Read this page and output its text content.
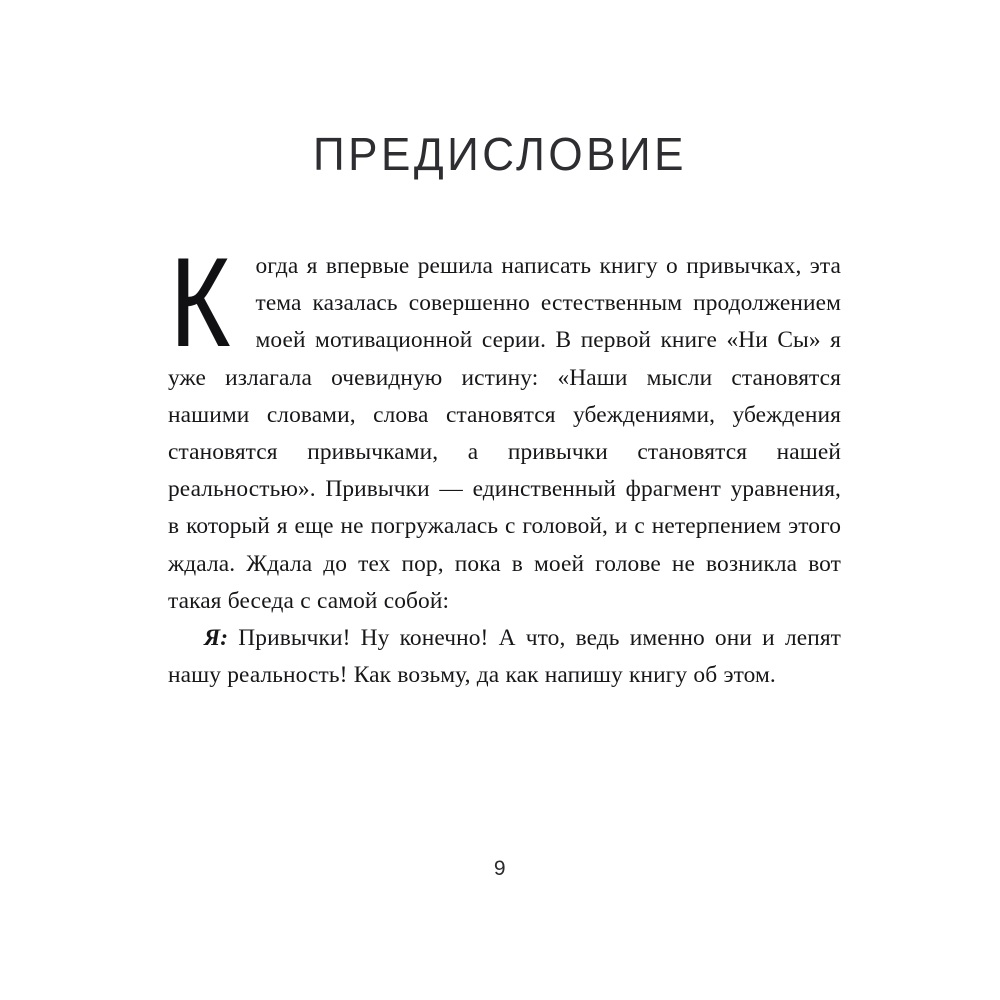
ПРЕДИСЛОВИЕ

К огда я впервые решила написать книгу о привычках, эта тема казалась совершенно естественным продолжением моей мотивационной серии. В первой книге «Ни Сы» я уже излагала очевидную истину: «Наши мысли становятся нашими словами, слова становятся убеждениями, убеждения становятся привычками, а привычки становятся нашей реальностью». Привычки — единственный фрагмент уравнения, в который я еще не погружалась с головой, и с нетерпением этого ждала. Ждала до тех пор, пока в моей голове не возникла вот такая беседа с самой собой:

Я: Привычки! Ну конечно! А что, ведь именно они и лепят нашу реальность! Как возьму, да как напишу книгу об этом.

9
